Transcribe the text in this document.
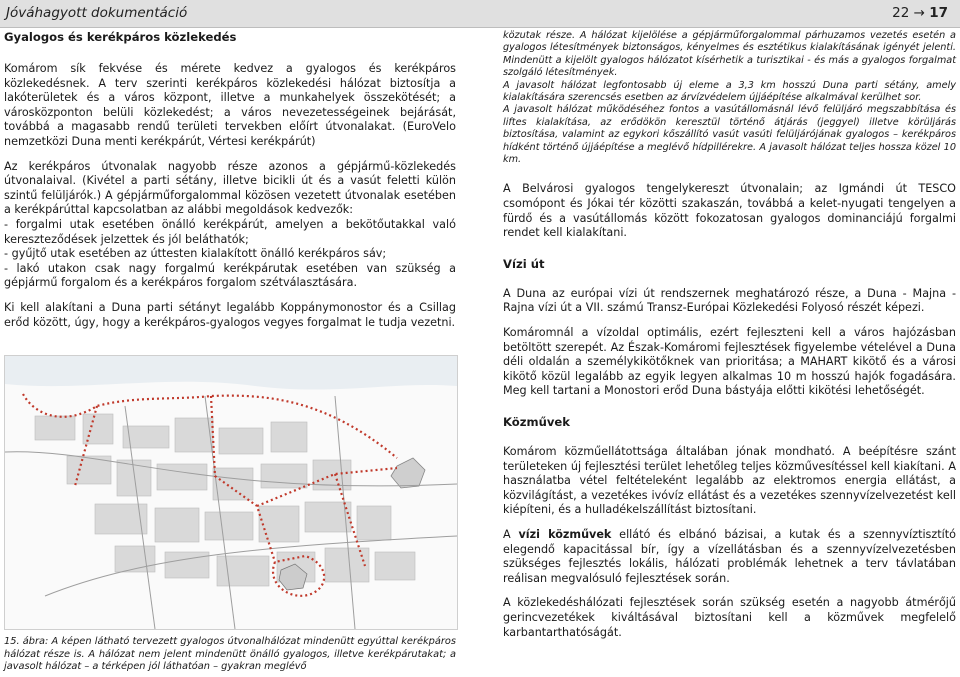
Jóváhagyott dokumentáció	22 → 17
Gyalogos és kerékpáros közlekedés

Komárom sík fekvése és mérete kedvez a gyalogos és kerékpáros közlekedésnek. A terv szerinti kerékpáros közlekedési hálózat biztosítja a lakóterületek és a város központ, illetve a munkahelyek összekötését; a városközponton belüli közlekedést; a város nevezetességeinek bejárását, továbbá a magasabb rendű területi tervekben előírt útvonalakat. (EuroVelo nemzetközi Duna menti kerékpárút, Vértesi kerékpárút)

Az kerékpáros útvonalak nagyobb része azonos a gépjármű-közlekedés útvonalaival. (Kivétel a parti sétány, illetve bicikli út és a vasút feletti külön szintű felüljárók.) A gépjárműforgalommal közösen vezetett útvonalak esetében a kerékpárúttal kapcsolatban az alábbi megoldások kedvezők:

- forgalmi utak esetében önálló kerékpárút, amelyen a bekötőutakkal való kereszteződések jelzettek és jól beláthatók;

- gyűjtő utak esetében az úttesten kialakított önálló kerékpáros sáv;

- lakó utakon csak nagy forgalmú kerékpárutak esetében van szükség a gépjármű forgalom és a kerékpáros forgalom szétválasztására.

Ki kell alakítani a Duna parti sétányt legalább Koppánymonostor és a Csillag erőd között, úgy, hogy a kerékpáros-gyalogos vegyes forgalmat le tudja vezetni.

15. ábra: A képen látható tervezett gyalogos útvonalhálózat mindenütt egyúttal kerékpáros hálózat része is. A hálózat nem jelent mindenütt önálló gyalogos, illetve kerékpárutakat; a javasolt hálózat – a térképen jól láthatóan – gyakran meglévő

közutak része. A hálózat kijelölése a gépjárműforgalommal párhuzamos vezetés esetén a gyalogos létesítmények biztonságos, kényelmes és esztétikus kialakításának igényét jelenti. Mindenütt a kijelölt gyalogos hálózatot kísérhetik a turisztikai - és más a gyalogos forgalmat szolgáló létesítmények.

A javasolt hálózat legfontosabb új eleme a 3,3 km hosszú Duna parti sétány, amely kialakítására szerencsés esetben az árvízvédelem újjáépítése alkalmával kerülhet sor.

A javasolt hálózat működéséhez fontos a vasútállomásnál lévő felüljáró megszabbítása és liftes kialakítása, az erődökön keresztül történő átjárás (jeggyel) illetve körüljárás biztosítása, valamint az egykori kőszállító vasút vasúti felüljárójának gyalogos – kerékpáros hídként történő újjáépítése a meglévő hídpillérekre. A javasolt hálózat teljes hossza közel 10 km.

A Belvárosi gyalogos tengelykereszt útvonalain; az Igmándi út TESCO csomópont és Jókai tér közötti szakaszán, továbbá a kelet-nyugati tengelyen a fürdő és a vasútállomás között fokozatosan gyalogos dominanciájú forgalmi rendet kell kialakítani.

Vízi út

A Duna az európai vízi út rendszernek meghatározó része, a Duna - Majna - Rajna vízi út a VII. számú Transz-Európai Közlekedési Folyosó részét képezi.

Komáromnál a vízoldal optimális, ezért fejleszteni kell a város hajózásban betöltött szerepét. Az Észak-Komáromi fejlesztések figyelembe vételével a Duna déli oldalán a személykikötőknek van prioritása; a MAHART kikötő és a városi kikötő közül legalább az egyik legyen alkalmas 10 m hosszú hajók fogadására. Meg kell tartani a Monostori erőd Duna bástyája előtti kikötési lehetőségét.

Közművek

Komárom közműellátottsága általában jónak mondható. A beépítésre szánt területeken új fejlesztési terület lehetőleg teljes közművesítéssel kell kiakítani. A használatba vétel feltételeként legalább az elektromos energia ellátást, a közvilágítást, a vezetékes ivóvíz ellátást és a vezetékes szennyvízelvezetést kell kiépíteni, és a hulladékelszállítást biztosítani.

A vízi közművek ellátó és elbánó bázisai, a kutak és a szennyvíztisztító elegendő kapacitással bír, így a vízellátásban és a szennyvízelvezetésben szükséges fejlesztés lokális, hálózati problémák lehetnek a terv távlatában reálisan megvalósuló fejlesztések során.

A közlekedéshálózati fejlesztések során szükség esetén a nagyobb átmérőjű gerincvezetékek kiváltásával biztosítani kell a közművek megfelelő karbantarthatóságát.
